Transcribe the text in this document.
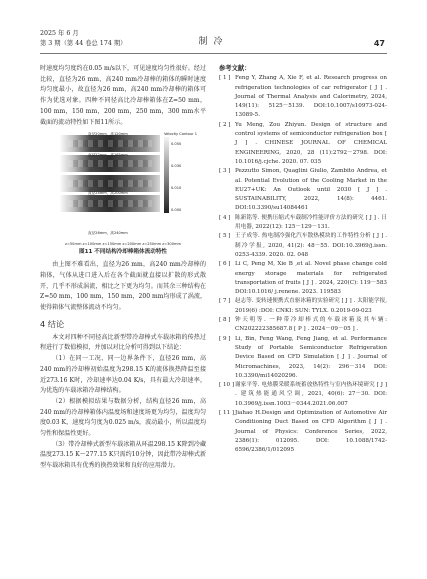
2025 年 6 月
第 3 期（第 44 卷总 174 期）	制冷	47

时速度均匀度约在0.05 m/s以下，可见速度均匀性很好。经过比较，直径为26 mm，高240 mm冷却棒的箱体的瞬时速度均匀度最小，故直径为26 mm，高240 mm冷却棒的箱体可作为优选对象。四种不同径高比冷却棒箱体在Z=50 mm，100 mm，150 mm，200 mm，250 mm，300 mm水平截面的流动特性如下图11所示。

直径20mm，高120mm
直径22mm，高165mm
直径24mm，高200mm
直径26mm，高240mm
Velocity Contour 1
0.050
0.030
0.010
0.000
z=50mm z=100mm z=150mm z=200mm z=250mm z=300mm
图11 不同结构冷却棒箱体流动特性

由上图不难看出，直径为26 mm，高240 mm冷却棒的箱体，气体从进口进入后在各个截面就直接以扩散的形式散开，几乎不形成涡流，相比之下更为均匀。而其余三种结构在Z=50 mm，100 mm，150 mm，200 mm均形成了涡流，使得箱体气流整体流动不均匀。

4 结论

本文对四种不同径高比新型带冷却棒式车载冰箱的传热过程进行了数值模拟，并加以对比分析可得到以下结论：

（1）在同一工况、同一边界条件下，直径26 mm，高240 mm的冷却棒初始温度为298.15 K的流体换热降温至接近273.16 K时，冷却速率达0.04 K/s，具有最大冷却速率，为优选的车载冰箱冷却棒结构。

（2）根据模拟结果与数据分析，结构直径26 mm，高240 mm的冷却棒箱体内温度场和速度场更为均匀，温度均匀度0.03 K，速度均匀度为0.025 m/s，波动最小，所以温度均匀性和保温性更好。

（3）带冷却棒式新型车载冰箱从环温298.15 K降到冷藏温度273.15 K～277.15 K只需约10分钟，因此带冷却棒式新型车载冰箱具有优秀的换热效果和良好的应用潜力。

参考文献：
[ 1 ] Feng Y, Zhang A, Xie F, et al. Research progress on refrigeration technologies of car refrigerator [ J ] . Journal of Thermal Analysis and Calorimetry, 2024, 149(11): 5125－5139. DOI:10.1007/s10973-024-13089-5.
[ 2 ] Yu Meng, Zou Zhiyun. Design of structure and control systems of semiconductor refrigeration box [ J ] . CHINESE JOURNAL OF CHEMICAL ENGINEERING, 2020, 28 (11):2792－2798. DOI: 10.1016/j.cjche. 2020. 07. 035
[ 3 ] Pezzutto Simon, Quaglini Giulio, Zambito Andrea, et al. Potential Evolution of the Cooling Market in the EU27+UK: An Outlook until 2030 [ J ] . SUSTAINABILITY, 2022, 14(8): 4461. DOI:10.3390/su14084461
[ 4 ] 陈新铭等. 便携压缩式车载制冷性能评价方法的研究 [ J ] . 日用电器, 2022(12): 125－129－131.
[ 5 ] 王子成等. 热电制冷强化汽车散热模块的工作特性分析 [ J ] . 制冷学报, 2020, 41(2): 48－55. DOI:10.3969/j.issn. 0253-4339. 2020. 02. 048
[ 6 ] Li C, Peng M, Xie B ,et al. Novel phase change cold energy storage materials for refrigerated transportation of fruits [ J ] . 2024, 220(C): 119－583 DOI:10.1016/ j.renene. 2023. 119583
[ 7 ] 赵志等. 变转速便携式直驱冰箱的实验研究 [ J ] . 太阳能学报, 2019(6) :DOI: CNKI: SUN: TYLX. 0.2019-09-023
[ 8 ] 钟天明等. 一种带冷却棒式的车载冰箱及其车辆: CN202222385687.8 [ P ] . 2024－09－05 ] .
[ 9 ] Li, Bin, Feng Wang, Feng Jiang, et al. Performance Study of Portable Semiconductor Refrigeration Device Based on CFD Simulation [ J ] . Journal of Micromachines, 2023, 14(2): 296－314 DOI: 10.3390/mi14020296.
[ 10 ] 谢家平等. 电热膜采暖系统蓄放热特性与室内热环境研究 [ J ] . 建筑热能通风空调, 2021, 40(6): 27－30. DOI: 10.3969/j.issn.1003－0344.2021.06.007
[ 11 ] Jiahao H.Design and Optimization of Automotive Air Conditioning Duct Based on CFD Algorithm [ J ] . Journal of Physics: Conference Series, 2022, 2386(1): 012095. DOI: 10.1088/1742-6596/2386/1/012095
